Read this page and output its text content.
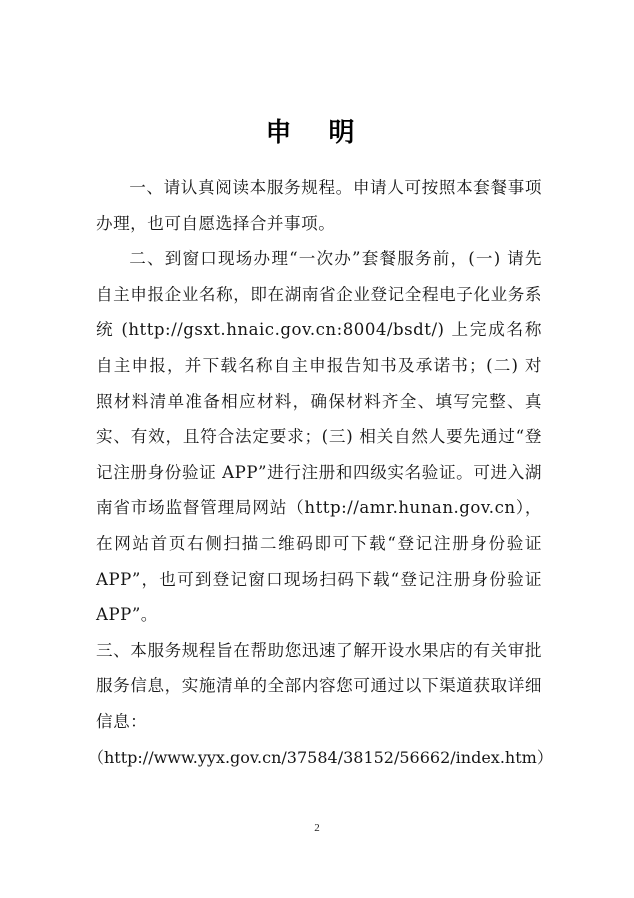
申 明

一、请认真阅读本服务规程。申请人可按照本套餐事项办理，也可自愿选择合并事项。

二、到窗口现场办理“一次办”套餐服务前，(一) 请先自主申报企业名称，即在湖南省企业登记全程电子化业务系统 (http://gsxt.hnaic.gov.cn:8004/bsdt/) 上完成名称自主申报，并下载名称自主申报告知书及承诺书；(二) 对照材料清单准备相应材料，确保材料齐全、填写完整、真实、有效，且符合法定要求；(三) 相关自然人要先通过“登记注册身份验证 APP”进行注册和四级实名验证。可进入湖南省市场监督管理局网站（http://amr.hunan.gov.cn），在网站首页右侧扫描二维码即可下载“登记注册身份验证 APP”，也可到登记窗口现场扫码下载“登记注册身份验证 APP”。

三、本服务规程旨在帮助您迅速了解开设水果店的有关审批服务信息，实施清单的全部内容您可通过以下渠道获取详细信息：

（http://www.yyx.gov.cn/37584/38152/56662/index.htm）

2
